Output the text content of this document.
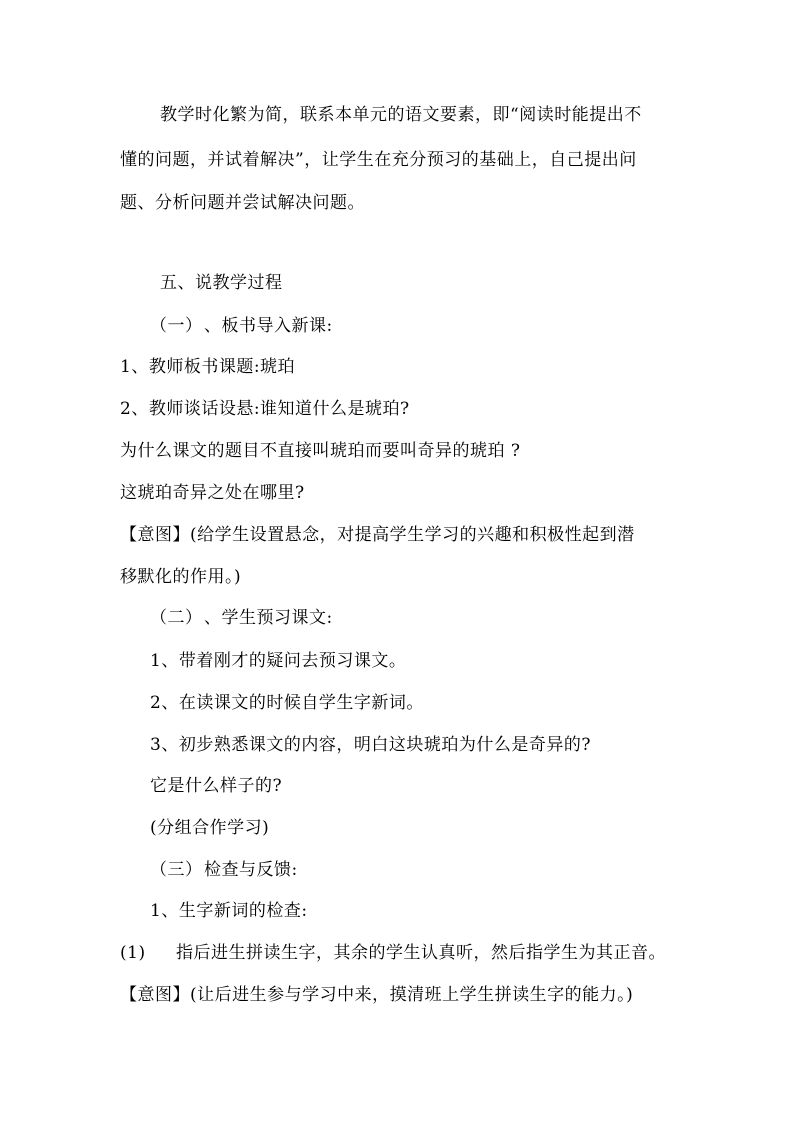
教学时化繁为简，联系本单元的语文要素，即“阅读时能提出不
懂的问题，并试着解决”，让学生在充分预习的基础上，自己提出问
题、分析问题并尝试解决问题。
五、说教学过程
（一）、板书导入新课:
1、教师板书课题:琥珀
2、教师谈话设悬:谁知道什么是琥珀?
为什么课文的题目不直接叫琥珀而要叫奇异的琥珀 ?
这琥珀奇异之处在哪里?
【意图】(给学生设置悬念，对提高学生学习的兴趣和积极性起到潜
移默化的作用。)
（二）、学生预习课文:
1、带着刚才的疑问去预习课文。
2、在读课文的时候自学生字新词。
3、初步熟悉课文的内容，明白这块琥珀为什么是奇异的?
它是什么样子的?
(分组合作学习)
（三）检查与反馈:
1、生字新词的检查:
(1) 指后进生拼读生字，其余的学生认真听，然后指学生为其正音。
【意图】(让后进生参与学习中来，摸清班上学生拼读生字的能力。)
